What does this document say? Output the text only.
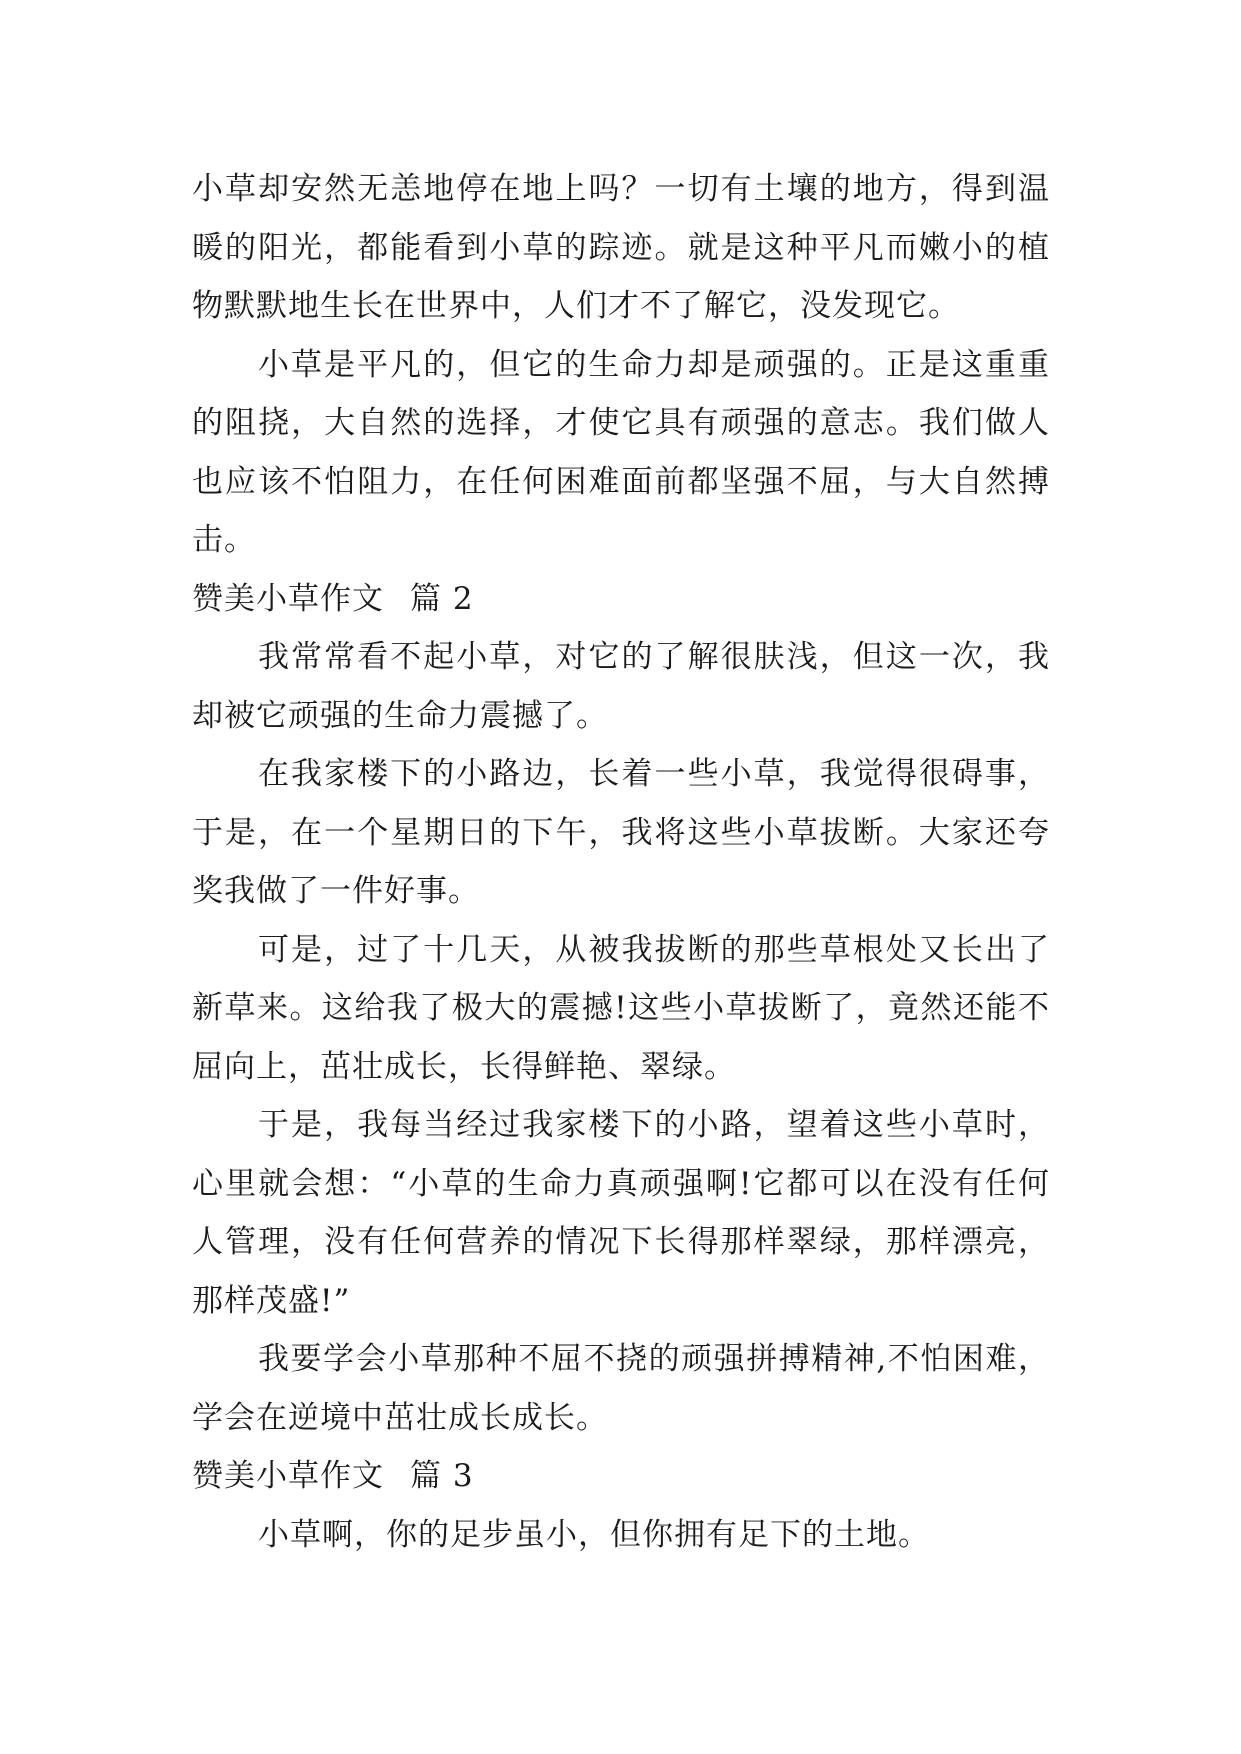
小草却安然无恙地停在地上吗？一切有土壤的地方，得到温暖的阳光，都能看到小草的踪迹。就是这种平凡而嫩小的植物默默地生长在世界中，人们才不了解它，没发现它。

小草是平凡的，但它的生命力却是顽强的。正是这重重的阻挠，大自然的选择，才使它具有顽强的意志。我们做人也应该不怕阻力，在任何困难面前都坚强不屈，与大自然搏击。

赞美小草作文 篇 2

我常常看不起小草，对它的了解很肤浅，但这一次，我却被它顽强的生命力震撼了。

在我家楼下的小路边，长着一些小草，我觉得很碍事，于是，在一个星期日的下午，我将这些小草拔断。大家还夸奖我做了一件好事。

可是，过了十几天，从被我拔断的那些草根处又长出了新草来。这给我了极大的震撼!这些小草拔断了，竟然还能不屈向上，茁壮成长，长得鲜艳、翠绿。

于是，我每当经过我家楼下的小路，望着这些小草时，心里就会想：“小草的生命力真顽强啊!它都可以在没有任何人管理，没有任何营养的情况下长得那样翠绿，那样漂亮，那样茂盛!”

我要学会小草那种不屈不挠的顽强拼搏精神,不怕困难，学会在逆境中茁壮成长成长。

赞美小草作文 篇 3

小草啊，你的足步虽小，但你拥有足下的土地。
